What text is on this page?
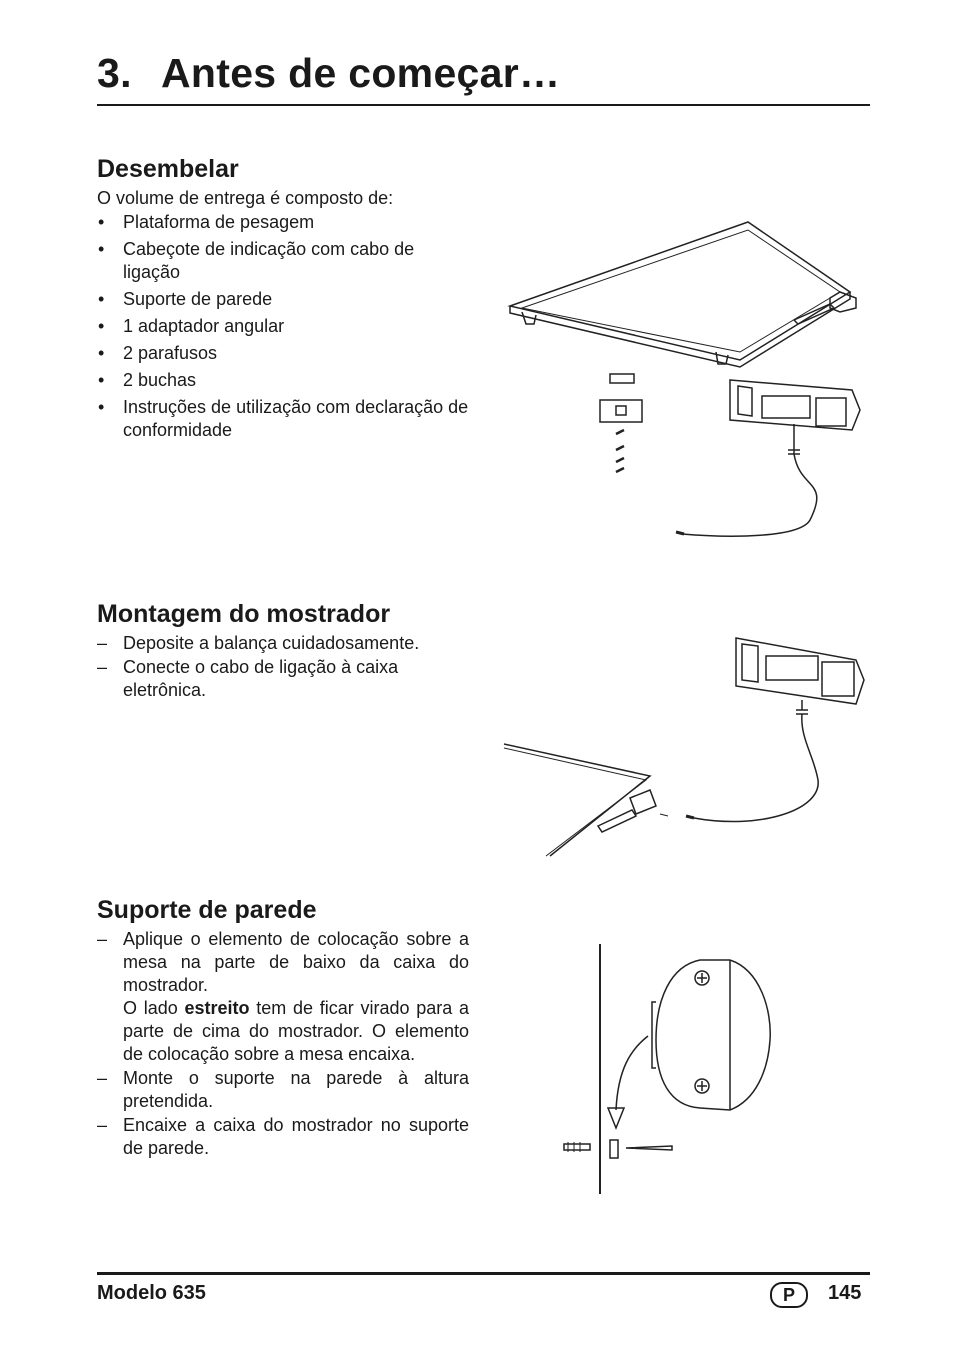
3. Antes de começar…
Desembelar

O volume de entrega é composto de:

• Plataforma de pesagem
• Cabeçote de indicação com cabo de ligação
• Suporte de parede
• 1 adaptador angular
• 2 parafusos
• 2 buchas
• Instruções de utilização com declaração de conformidade
Montagem do mostrador
– Deposite a balança cuidadosamente.
– Conecte o cabo de ligação à caixa eletrônica.
Suporte de parede
– Aplique o elemento de colocação sobre a mesa na parte de baixo da caixa do mostrador.
O lado estreito tem de ficar virado para a parte de cima do mostrador. O elemento de colocação sobre a mesa encaixa.
– Monte o suporte na parede à altura pretendida.
– Encaixe a caixa do mostrador no suporte de parede.
Modelo 635	P	145
